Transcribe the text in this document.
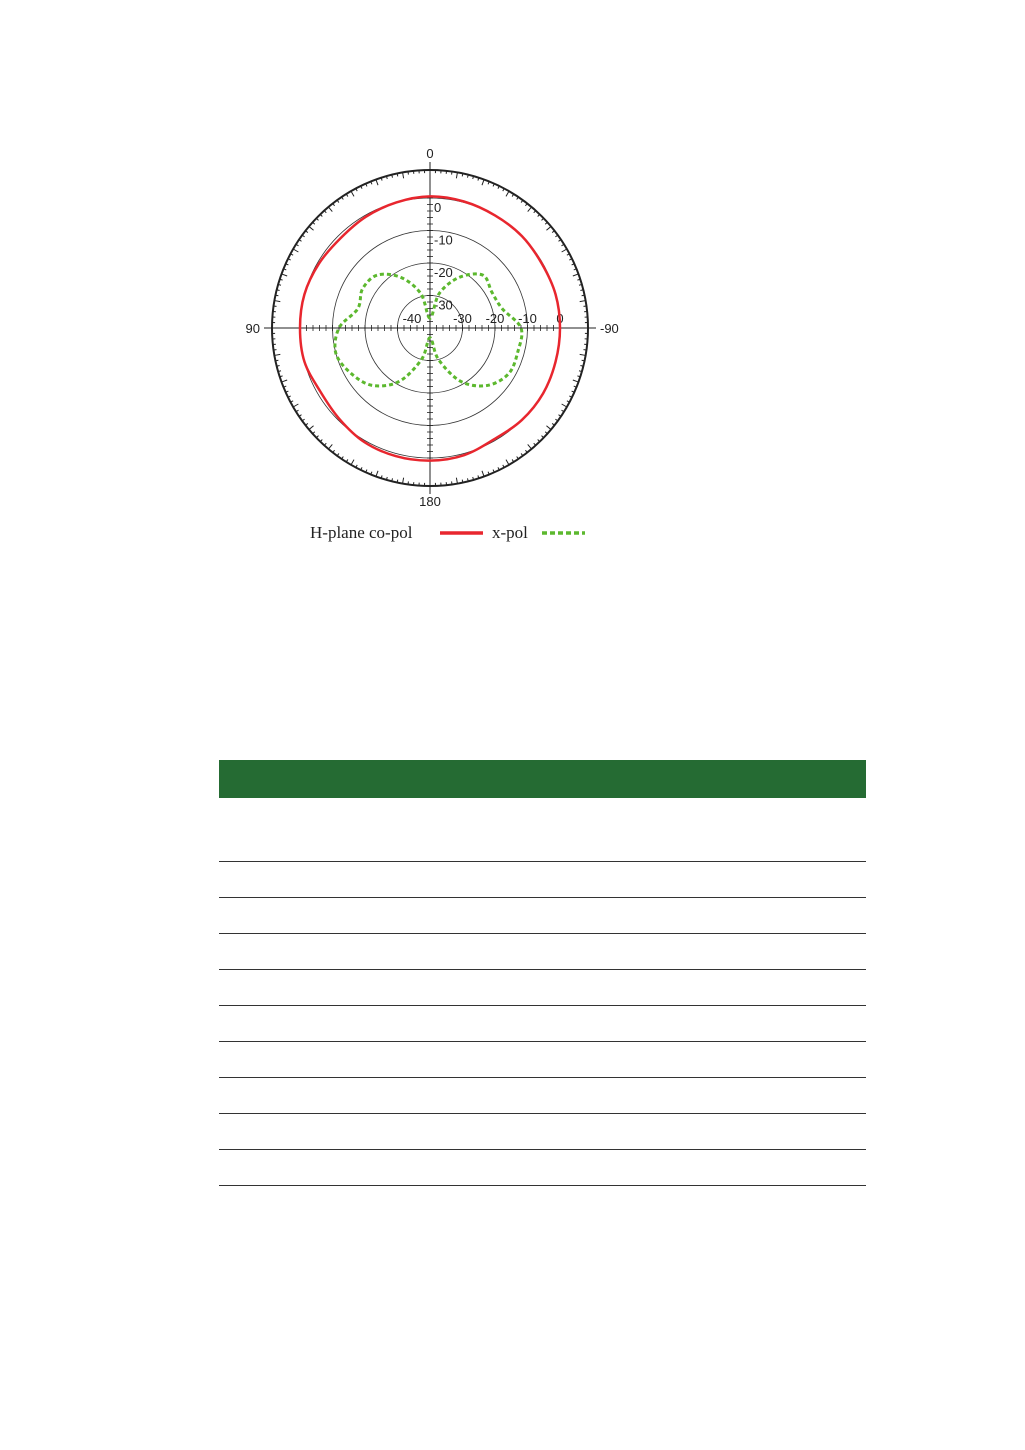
0
90	-90
180
-30
-20
-10
0
-40 -30 -20 -10 0
H-plane co-pol	x-pol
